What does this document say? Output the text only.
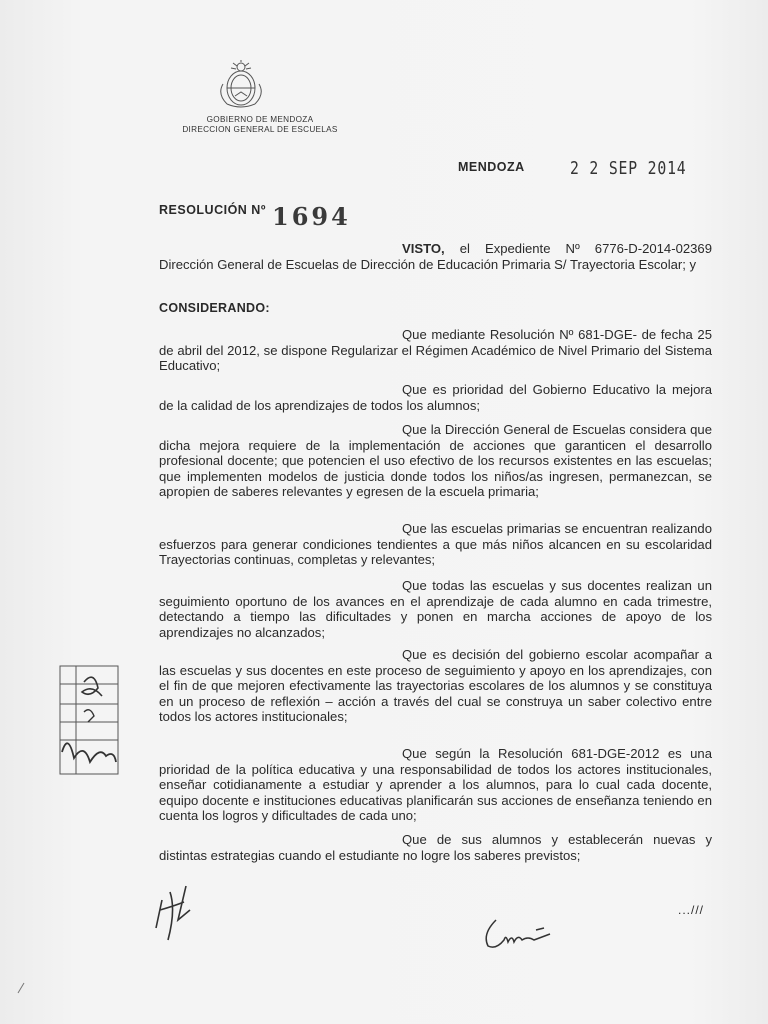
GOBIERNO DE MENDOZA
DIRECCION GENERAL DE ESCUELAS
MENDOZA	2 2 SEP 2014
RESOLUCIÓN Nº 1694
VISTO, el Expediente Nº 6776-D-2014-02369 Dirección General de Escuelas de Dirección de Educación Primaria S/ Trayectoria Escolar; y
CONSIDERANDO:
Que mediante Resolución Nº 681-DGE- de fecha 25 de abril del 2012, se dispone Regularizar el Régimen Académico de Nivel Primario del Sistema Educativo;
Que es prioridad del Gobierno Educativo la mejora de la calidad de los aprendizajes de todos los alumnos;
Que la Dirección General de Escuelas considera que dicha mejora requiere de la implementación de acciones que garanticen el desarrollo profesional docente; que potencien el uso efectivo de los recursos existentes en las escuelas; que implementen modelos de justicia donde todos los niños/as ingresen, permanezcan, se apropien de saberes relevantes y egresen de la escuela primaria;
Que las escuelas primarias se encuentran realizando esfuerzos para generar condiciones tendientes a que más niños alcancen en su escolaridad Trayectorias continuas, completas y relevantes;
Que todas las escuelas y sus docentes realizan un seguimiento oportuno de los avances en el aprendizaje de cada alumno en cada trimestre, detectando a tiempo las dificultades y ponen en marcha acciones de apoyo de los aprendizajes no alcanzados;
Que es decisión del gobierno escolar acompañar a las escuelas y sus docentes en este proceso de seguimiento y apoyo en los aprendizajes, con el fin de que mejoren efectivamente las trayectorias escolares de los alumnos y se constituya en un proceso de reflexión – acción a través del cual se construya un saber colectivo entre todos los actores institucionales;
Que según la Resolución 681-DGE-2012 es una prioridad de la política educativa y una responsabilidad de todos los actores institucionales, enseñar cotidianamente a estudiar y aprender a los alumnos, para lo cual cada docente, equipo docente e instituciones educativas planificarán sus acciones de enseñanza teniendo en cuenta los logros y dificultades de cada uno;
Que de sus alumnos y establecerán nuevas y distintas estrategias cuando el estudiante no logre los saberes previstos;
...///
